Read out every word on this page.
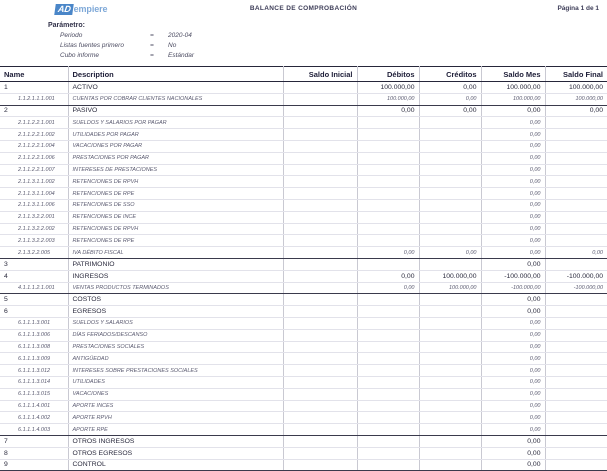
AD empiere	BALANCE DE COMPROBACIÓN	Página 1 de 1
Parámetro:
Periodo	=	2020-04
Listas fuentes primero	=	No
Cubo informe	=	Estándar
Name	Description	Saldo Inicial	Débitos	Créditos	Saldo Mes	Saldo Final
1	ACTIVO		100.000,00	0,00	100.000,00	100.000,00
1.1.2.1.1.1.001	CUENTAS POR COBRAR CLIENTES NACIONALES		100.000,00	0,00	100.000,00	100.000,00
2	PASIVO		0,00	0,00	0,00	0,00
2.1.1.2.2.1.001	SUELDOS Y SALARIOS POR PAGAR				0,00	
2.1.1.2.2.1.002	UTILIDADES POR PAGAR				0,00	
2.1.1.2.2.1.004	VACACIONES POR PAGAR				0,00	
2.1.1.2.2.1.006	PRESTACIONES POR PAGAR				0,00	
2.1.1.2.2.1.007	INTERESES DE PRESTACIONES				0,00	
2.1.1.3.1.1.002	RETENCIONES DE RPVH				0,00	
2.1.1.3.1.1.004	RETENCIONES DE RPE				0,00	
2.1.1.3.1.1.006	RETENCIONES DE SSO				0,00	
2.1.1.3.2.2.001	RETENCIONES DE INCE				0,00	
2.1.1.3.2.2.002	RETENCIONES DE RPVH				0,00	
2.1.1.3.2.2.003	RETENCIONES DE RPE				0,00	
2.1.3.2.2.005	IVA DÉBITO FISCAL		0,00	0,00	0,00	0,00
3	PATRIMONIO				0,00	
4	INGRESOS		0,00	100.000,00	-100.000,00	-100.000,00
4.1.1.1.2.1.001	VENTAS PRODUCTOS TERMINADOS		0,00	100.000,00	-100.000,00	-100.000,00
5	COSTOS				0,00	
6	EGRESOS				0,00	
6.1.1.1.3.001	SUELDOS Y SALARIOS				0,00	
6.1.1.1.3.006	DÍAS FERIADOS/DESCANSO				0,00	
6.1.1.1.3.008	PRESTACIONES SOCIALES				0,00	
6.1.1.1.3.009	ANTIGÜEDAD				0,00	
6.1.1.1.3.012	INTERESES SOBRE PRESTACIONES SOCIALES				0,00	
6.1.1.1.3.014	UTILIDADES				0,00	
6.1.1.1.3.015	VACACIONES				0,00	
6.1.1.1.4.001	APORTE INCES				0,00	
6.1.1.1.4.002	APORTE RPVH				0,00	
6.1.1.1.4.003	APORTE RPE				0,00	
7	OTROS INGRESOS				0,00	
8	OTROS EGRESOS				0,00	
9	CONTROL				0,00	
